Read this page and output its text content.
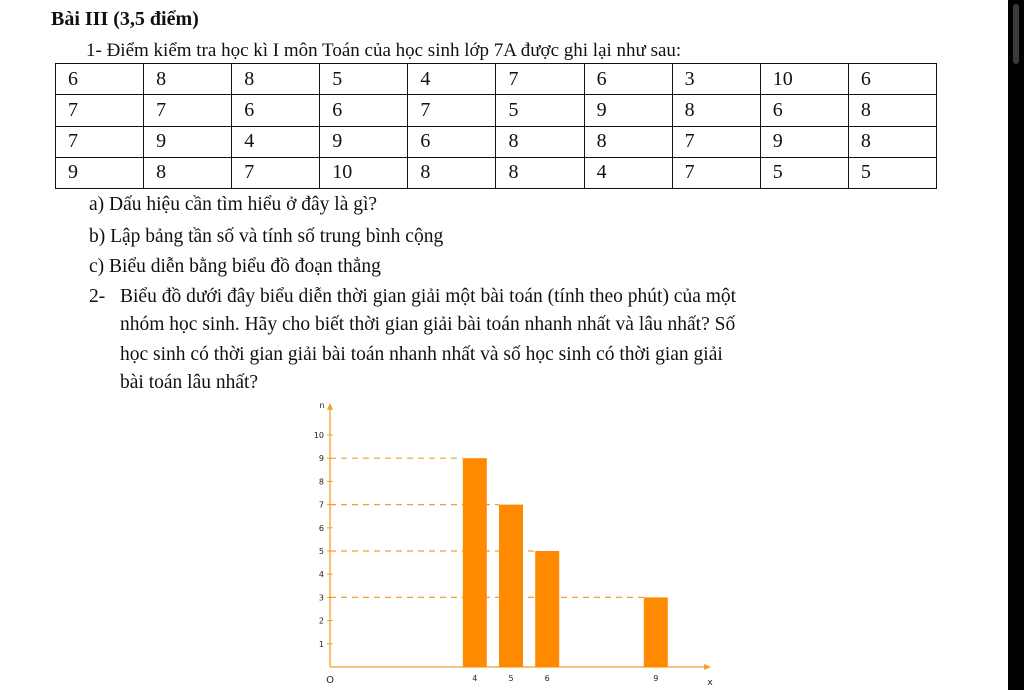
Bài III (3,5 điểm)
1- Điểm kiểm tra học kì I môn Toán của học sinh lớp 7A được ghi lại như sau:
6	8	8	5	4	7	6	3	10	6
7	7	6	6	7	5	9	8	6	8
7	9	4	9	6	8	8	7	9	8
9	8	7	10	8	8	4	7	5	5
a) Dấu hiệu cần tìm hiểu ở đây là gì?
b) Lập bảng tần số và tính số trung bình cộng
c) Biểu diễn bằng biểu đồ đoạn thẳng
2- Biểu đồ dưới đây biểu diễn thời gian giải một bài toán (tính theo phút) của một
nhóm học sinh. Hãy cho biết thời gian giải bài toán nhanh nhất và lâu nhất? Số
học sinh có thời gian giải bài toán nhanh nhất và số học sinh có thời gian giải
bài toán lâu nhất?
1
2
3
4
5
6
7
8
9
10
4	5	6	9
O	x
n
